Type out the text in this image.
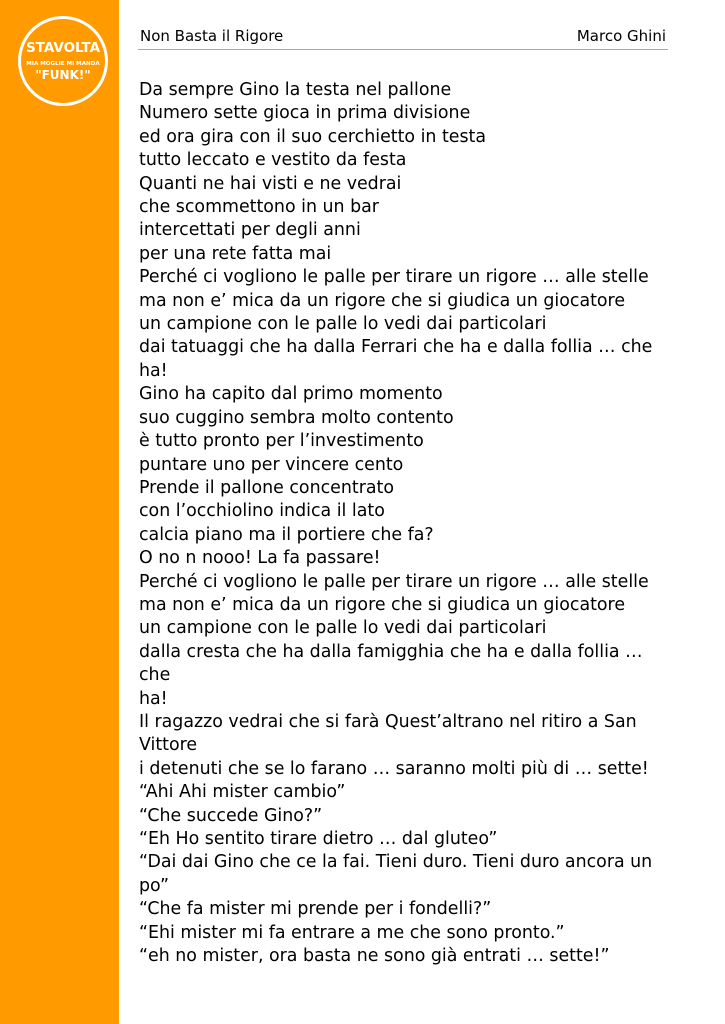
STAVOLTA
MIA MOGLIE MI MANDA
"FUNK!"
Non Basta il Rigore	Marco Ghini
Da sempre Gino la testa nel pallone
Numero sette gioca in prima divisione
ed ora gira con il suo cerchietto in testa
tutto leccato e vestito da festa
Quanti ne hai visti e ne vedrai
che scommettono in un bar
intercettati per degli anni
per una rete fatta mai
Perché ci vogliono le palle per tirare un rigore … alle stelle
ma non e’ mica da un rigore che si giudica un giocatore
un campione con le palle lo vedi dai particolari
dai tatuaggi che ha dalla Ferrari che ha e dalla follia … che
ha!
Gino ha capito dal primo momento
suo cuggino sembra molto contento
è tutto pronto per l’investimento
puntare uno per vincere cento
Prende il pallone concentrato
con l’occhiolino indica il lato
calcia piano ma il portiere che fa?
O no n nooo! La fa passare!
Perché ci vogliono le palle per tirare un rigore … alle stelle
ma non e’ mica da un rigore che si giudica un giocatore
un campione con le palle lo vedi dai particolari
dalla cresta che ha dalla famigghia che ha e dalla follia … che
ha!
Il ragazzo vedrai che si farà Quest’altrano nel ritiro a San
Vittore
i detenuti che se lo farano … saranno molti più di … sette!
“Ahi Ahi mister cambio”
“Che succede Gino?”
“Eh Ho sentito tirare dietro … dal gluteo”
“Dai dai Gino che ce la fai. Tieni duro. Tieni duro ancora un
po”
“Che fa mister mi prende per i fondelli?”
“Ehi mister mi fa entrare a me che sono pronto.”
“eh no mister, ora basta ne sono già entrati … sette!”
